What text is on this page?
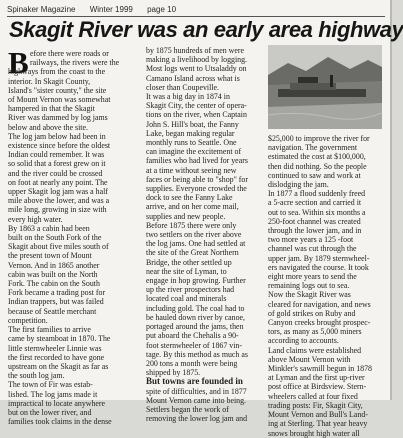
Spinaker Magazine Winter 1999 page 10
Skagit River was an early area highway
B efore there were roads or

railways, the rivers were the

highways from the coast to the

interior. In Skagit County,

Island's "sister county," the site

of Mount Vernon was somewhat

hampered in that the Skagit

River was dammed by log jams

below and above the site.

The log jam below had been in

existence since before the oldest

Indian could remember. It was

so solid that a forest grew on it

and the river could be crossed

on foot at nearly any point. The

upper Skagit log jam was a half

mile above the lower, and was a

mile long, growing in size with

every high water.

By 1863 a cabin had been

built on the South Fork of the

Skagit about five miles south of

the present town of Mount

Vernon. And in 1865 another

cabin was built on the North

Fork. The cabin on the South

Fork became a trading post for

Indian trappers, but was failed

because of Seattle merchant

competition.

The first families to arrive

came by steamboat in 1870. The

little sternwheeler Linnie was

the first recorded to have gone

upstream on the Skagit as far as

the south log jam.

The town of Fir was estab-

lished. The log jams made it

impractical to locate anywhere

but on the lower river, and

families took claims in the dense

by 1875 hundreds of men were

making a livelihood by logging.

Most logs went to Utsaladdy on

Camano Island across what is

closer than Coupeville.

It was a big day in 1874 in

Skagit City, the center of opera-

tions on the river, when Captain

John S. Hill's boat, the Fanny

Lake, began making regular

monthly runs to Seattle. One

can imagine the excitement of

families who had lived for years

at a time without seeing new

faces or being able to "shop" for

supplies. Everyone crowded the

dock to see the Fanny Lake

arrive, and on her come mail,

supplies and new people.

Before 1875 there were only

two settlers on the river above

the log jams. One had settled at

the site of the Great Northern

Bridge, the other settled up

near the site of Lyman, to

engage in hop growing. Further

up the river prospectors had

located coal and minerals

including gold. The coal had to

be hauled down river by canoe,

portaged around the jams, then

put aboard the Chehalis a 90-

foot sternwheeler of 1867 vin-

tage. By this method as much as

200 tons a month were being

shipped by 1875.

But towns are founded in

spite of difficulties, and in 1877

Mount Vernon came into being.

Settlers began the work of

removing the lower log jam and

$25,000 to improve the river for

navigation. The government

estimated the cost at $100,000,

then did nothing. So the people

continued to saw and work at

dislodging the jam.

In 1877 a flood suddenly freed

a 5-acre section and carried it

out to sea. Within six months a

250-foot channel was created

through the lower jam, and in

two more years a 125 -foot

channel was cut through the

upper jam. By 1879 sternwheel-

ers navigated the course. It took

eight more years to send the

remaining logs out to sea.

Now the Skagit River was

cleared for navigation, and news

of gold strikes on Ruby and

Canyon creeks brought prospec-

tors, as many as 5,000 miners

according to accounts.

Land claims were established

above Mount Vernon with

Minkler's sawmill begun in 1878

at Lyman and the first up-river

post office at Birdsview. Stern-

wheelers called at four fixed

trading posts: Fir, Skagit City,

Mount Vernon and Bull's Land-

ing at Sterling. That year heavy

snows brought high water all
